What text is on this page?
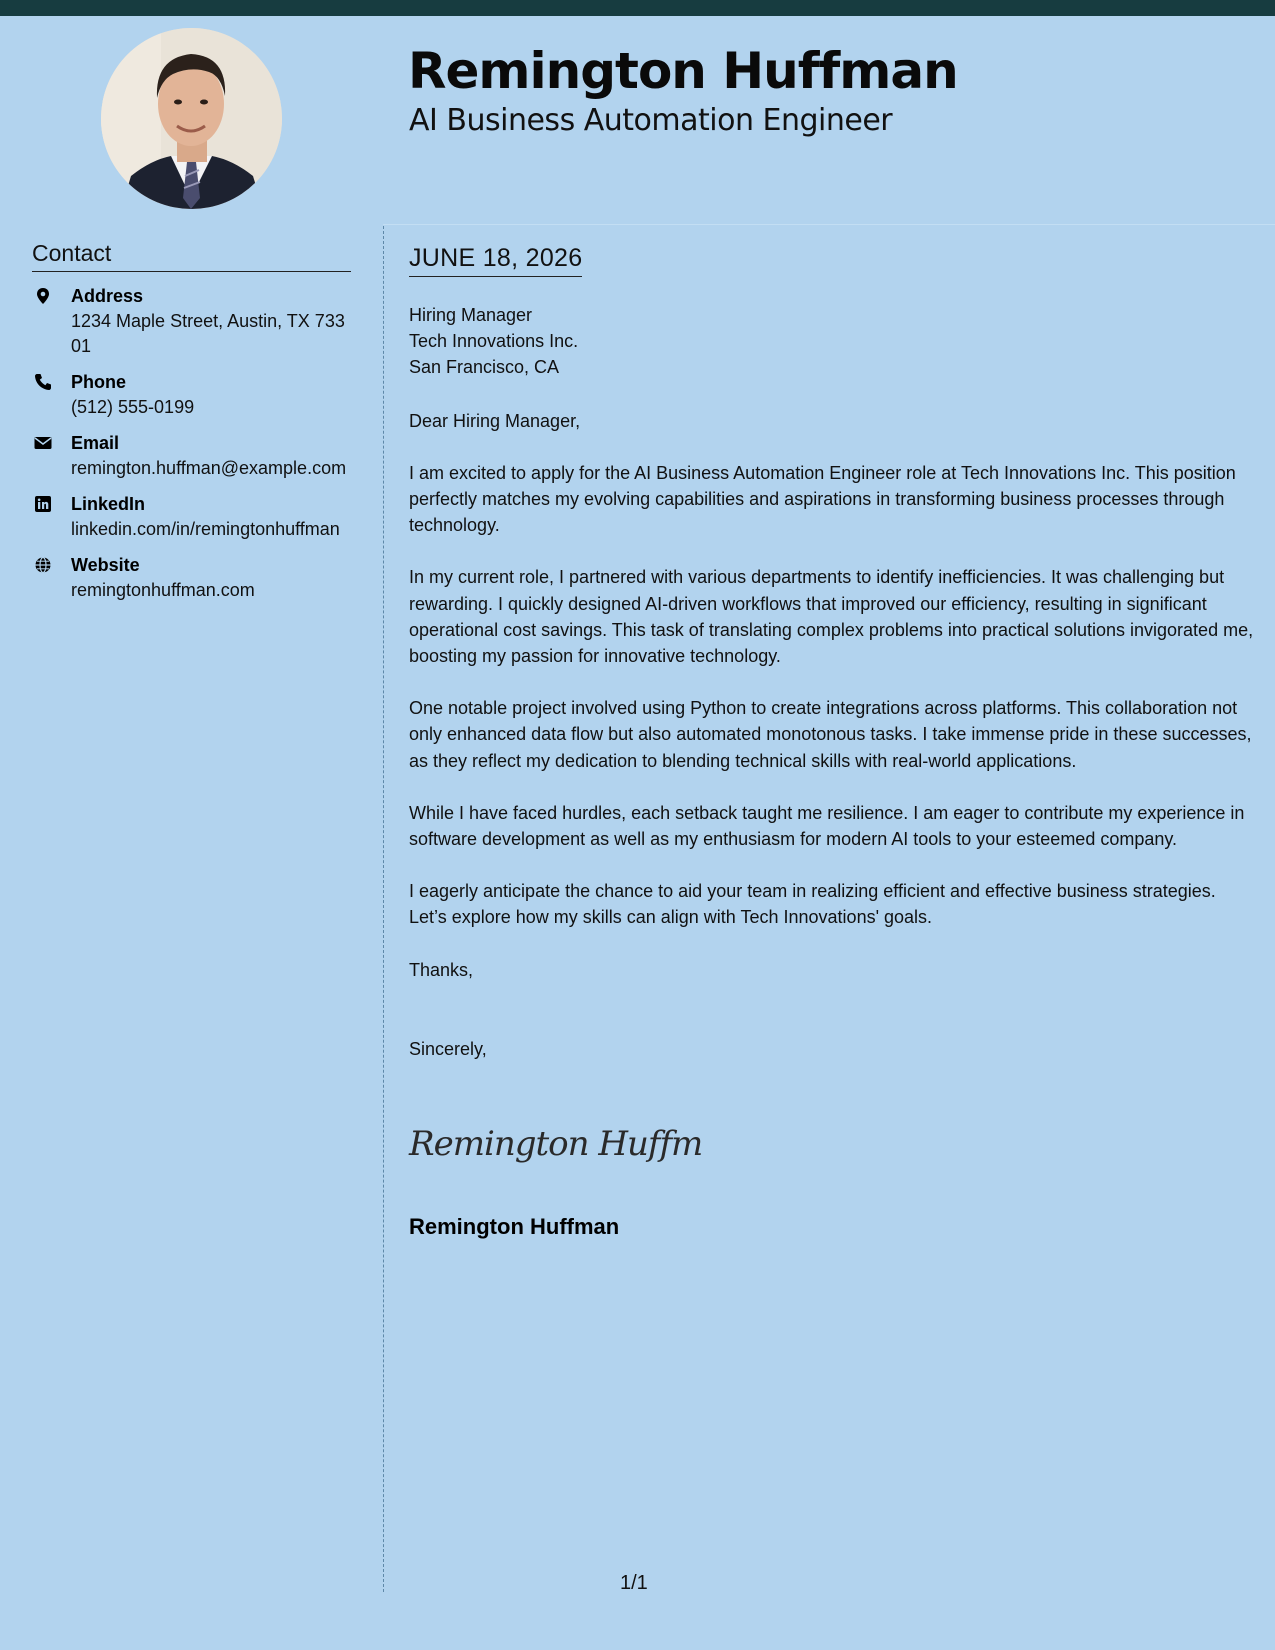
Remington Huffman
AI Business Automation Engineer
Contact
Address
1234 Maple Street, Austin, TX 73301
Phone
(512) 555-0199
Email
remington.huffman@example.com
LinkedIn
linkedin.com/in/remingtonhuffman
Website
remingtonhuffman.com
JUNE 18, 2026
Hiring Manager
Tech Innovations Inc.
San Francisco, CA

Dear Hiring Manager,

I am excited to apply for the AI Business Automation Engineer role at Tech Innovations Inc. This position perfectly matches my evolving capabilities and aspirations in transforming business processes through technology.

In my current role, I partnered with various departments to identify inefficiencies. It was challenging but rewarding. I quickly designed AI-driven workflows that improved our efficiency, resulting in significant operational cost savings. This task of translating complex problems into practical solutions invigorated me, boosting my passion for innovative technology.

One notable project involved using Python to create integrations across platforms. This collaboration not only enhanced data flow but also automated monotonous tasks. I take immense pride in these successes, as they reflect my dedication to blending technical skills with real-world applications.

While I have faced hurdles, each setback taught me resilience. I am eager to contribute my experience in software development as well as my enthusiasm for modern AI tools to your esteemed company.

I eagerly anticipate the chance to aid your team in realizing efficient and effective business strategies. Let’s explore how my skills can align with Tech Innovations' goals.

Thanks,

Sincerely,

Remington Huffm
Remington Huffman
1/1
